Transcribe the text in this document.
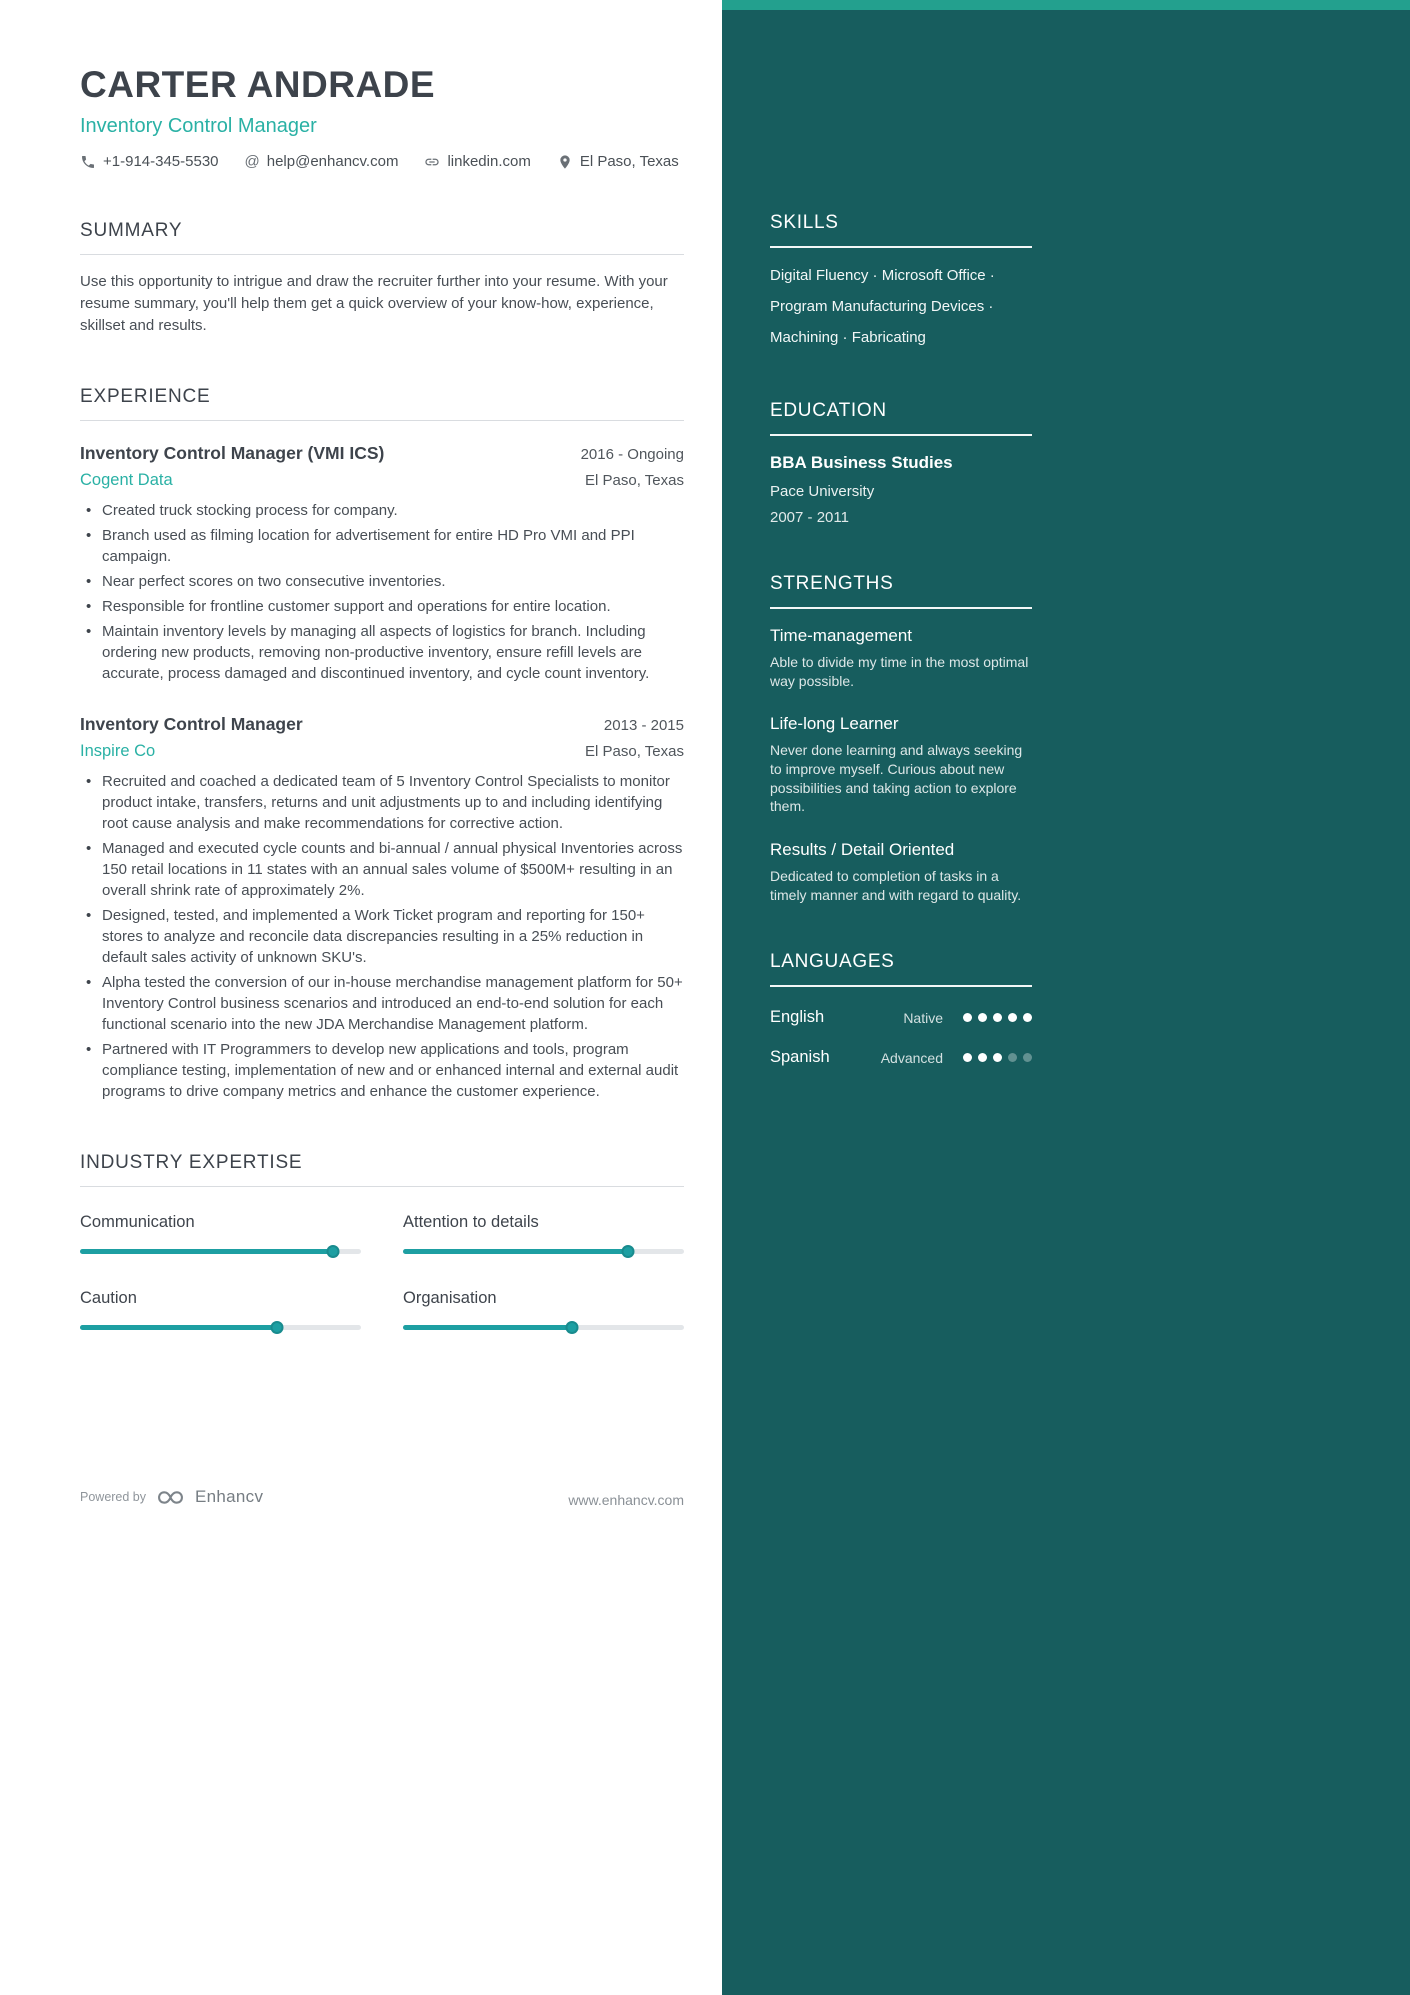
SKILLS

Digital Fluency · Microsoft Office · Program Manufacturing Devices · Machining · Fabricating

EDUCATION
BBA Business Studies
Pace University
2007 - 2011
STRENGTHS
Time-management

Able to divide my time in the most optimal way possible.

Life-long Learner

Never done learning and always seeking to improve myself. Curious about new possibilities and taking action to explore them.

Results / Detail Oriented

Dedicated to completion of tasks in a timely manner and with regard to quality.

LANGUAGES
English	Native
Spanish	Advanced
CARTER ANDRADE
Inventory Control Manager
+1-914-345-5530 @ help@enhancv.com	linkedin.com	El Paso, Texas
SUMMARY

Use this opportunity to intrigue and draw the recruiter further into your resume. With your resume summary, you'll help them get a quick overview of your know-how, experience, skillset and results.

EXPERIENCE
Inventory Control Manager (VMI ICS)	2016 - Ongoing
Cogent Data	El Paso, Texas
• Created truck stocking process for company.
• Branch used as filming location for advertisement for entire HD Pro VMI and PPI campaign.
• Near perfect scores on two consecutive inventories.
• Responsible for frontline customer support and operations for entire location.
• Maintain inventory levels by managing all aspects of logistics for branch. Including ordering new products, removing non-productive inventory, ensure refill levels are accurate, process damaged and discontinued inventory, and cycle count inventory.
Inventory Control Manager	2013 - 2015
Inspire Co	El Paso, Texas
• Recruited and coached a dedicated team of 5 Inventory Control Specialists to monitor product intake, transfers, returns and unit adjustments up to and including identifying root cause analysis and make recommendations for corrective action.
• Managed and executed cycle counts and bi-annual / annual physical Inventories across 150 retail locations in 11 states with an annual sales volume of $500M+ resulting in an overall shrink rate of approximately 2%.
• Designed, tested, and implemented a Work Ticket program and reporting for 150+ stores to analyze and reconcile data discrepancies resulting in a 25% reduction in default sales activity of unknown SKU's.
• Alpha tested the conversion of our in-house merchandise management platform for 50+ Inventory Control business scenarios and introduced an end-to-end solution for each functional scenario into the new JDA Merchandise Management platform.
• Partnered with IT Programmers to develop new applications and tools, program compliance testing, implementation of new and or enhanced internal and external audit programs to drive company metrics and enhance the customer experience.
INDUSTRY EXPERTISE
Communication	Attention to details
Caution	Organisation
Powered by	Enhancv	www.enhancv.com
